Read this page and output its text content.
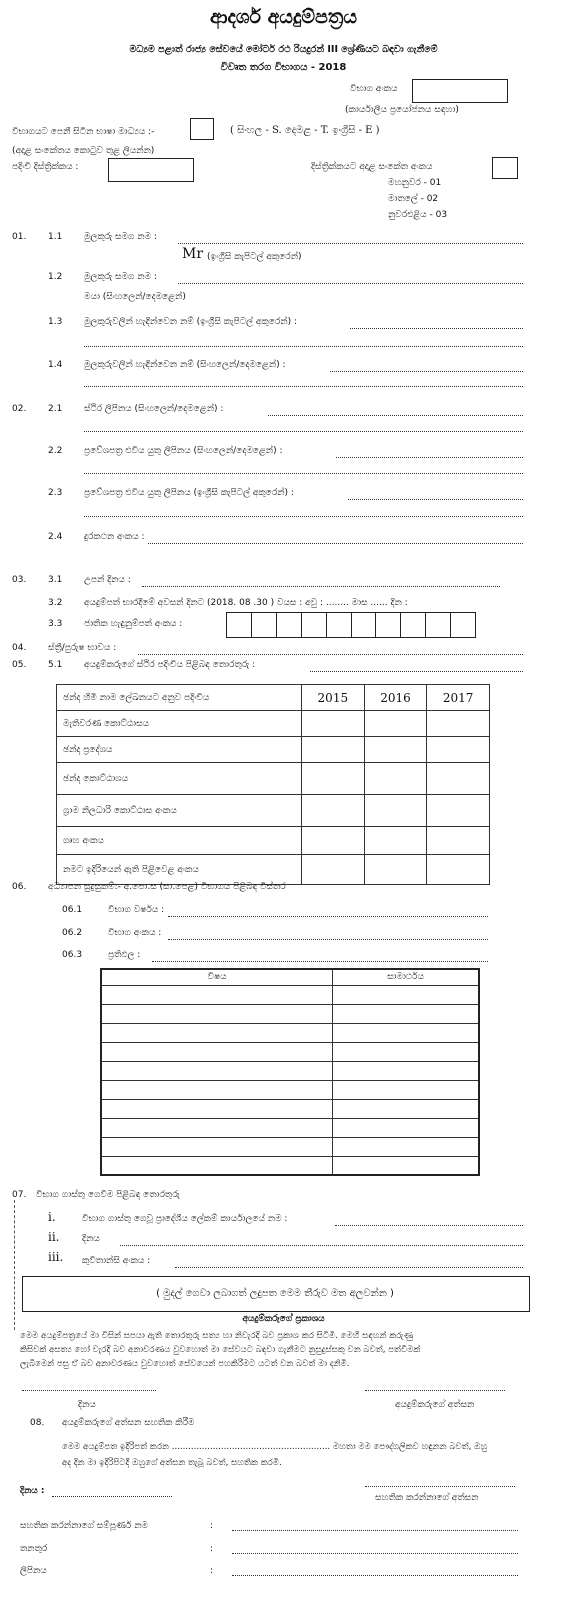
ආදර්ශ අයදුම්පත්‍රය
මධ්‍යම පළාත් රාජ්‍ය සේවයේ මෝටර් රථ රියදුරන් III ශ්‍රේණියට බඳවා ගැනීමේ
විවෘත තරග විභාගය - 2018
විභාග අංකය
(කාර්යාලීය ප්‍රයෝජනය සඳහා)
විභාගයට පෙනී සිටින භාෂා මාධ්‍යය :-	( සිංහල - S. දෙමළ - T. ඉංග්‍රීසි - E )
(අදාළ සංකේතය කොටුව තුළ ලියන්න)
පදිංචි දිස්ත්‍රික්කය :	දිස්ත්‍රික්කයට අදාළ සංකේත අංකය
මහනුවර - 01
මාතලේ - 02
නුවරඑළිය - 03
01. 1.1 මුලකුරු සමග නම :
Mr (ඉංග්‍රීසි කැපිටල් අකුරෙන්)
1.2 මුලකුරු සමග නම :
මයා (සිංහලෙන්/දෙමළෙන්)
1.3 මුලකුරුවලින් හැඳින්වෙන නම් (ඉංග්‍රීසි කැපිටල් අකුරෙන්) :
1.4 මුලකුරුවලින් හැඳින්වෙන නම් (සිංහලෙන්/දෙමළෙන්) :
02. 2.1 ස්ථිර ලිපිනය (සිංහලෙන්/දෙමළෙන්) :
2.2 ප්‍රවේශපත්‍ර එවිය යුතු ලිපිනය (සිංහලෙන්/දෙමළෙන්) :
2.3 ප්‍රවේශපත්‍ර එවිය යුතු ලිපිනය (ඉංග්‍රීසි කැපිටල් අකුරෙන්) :
2.4 දුරකථන අංකය :
03. 3.1 උපන් දිනය :
3.2 අයදුම්පත් භාරදීමේ අවසන් දිනට (2018. 08 .30 ) වයස : අවු : ........ මාස ...... දින :
3.3 ජාතික හැඳුනුම්පත් අංකය :
04. ස්ත්‍රී/පුරුෂ භාවය :
05. 5.1 අයදුම්කරුගේ ස්ථිර පදිංචිය පිළිබඳ තොරතුරු :
ඡන්ද හිමි නාම ලේඛනයට අනුව පදිංචිය	2015	2016	2017
මැතිවරණ කොට්ඨාසය			
ඡන්ද ප්‍රදේශය			
ඡන්ද කොට්ඨාශය			
ග්‍රාම නිලධාරි කොට්ඨාස අංකය			
ගෘහ අංකය			
නමට ඉදිරියෙන් ඇති පිළිවෙළ අංකය			
06. අධ්‍යාපන සුදුසුකම්:- අ.පො.ස (සා.පෙළ) විභාගය පිළිබඳ විස්තර
06.1	විභාග වර්ෂය :
06.2	විභාග අංකය :
06.3	ප්‍රතිඵල :
විෂය	සාමාර්ථය

07. විභාග ගාස්තු ගෙවීම පිළිබඳ තොරතුරු
i.	විභාග ගාස්තු ගෙවූ ප්‍රාදේශීය ලේකම් කාර්යාලයේ නම :
ii.	දිනය
iii. කුවිතාන්සි අංකය :
( මුදල් ගෙවා ලබාගත් ලදුපත මෙම තීරුව මත අලවන්න )
අයදුම්කරුගේ ප්‍රකාශය
මෙම අයදුම්පත්‍රයේ මා විසින් සපයා ඇති තොරතුරු සත්‍ය හා නිවැරදි බව ප්‍රකාශ කර සිටිමි. මෙහි සඳහන් කරුණු
කිසිවක් අසත්‍ය හෝ වැරදි බව අනාවරණය වුවහොත් මා සේවයට බඳවා ගැනීමට නුසුදුස්සකු වන බවත්, පත්වීමක්
ලැබීමෙන් පසු ඒ බව අනාවරණය වුවහොත් සේවයෙන් පහකිරීමට යටත් වන බවත් මා දනිමි.
දිනය	අයදුම්කරුගේ අත්සන
08. අයදුම්කරුගේ අත්සන සහතික කිරීම
මෙම අයදුම්පත ඉදිරිපත් කරන .......................................................... මහතා මම පෞද්ගලිකව හඳුනන බවත්, ඔහු
අද දින මා ඉදිරිපිටදී ඔහුගේ අත්සන තැබූ බවත්, සහතික කරමි.
දිනය :
සහතික කරන්නාගේ අත්සන
සහතික කරන්නාගේ සම්පූර්ණ නම	:
තනතුර	:
ලිපිනය	:
